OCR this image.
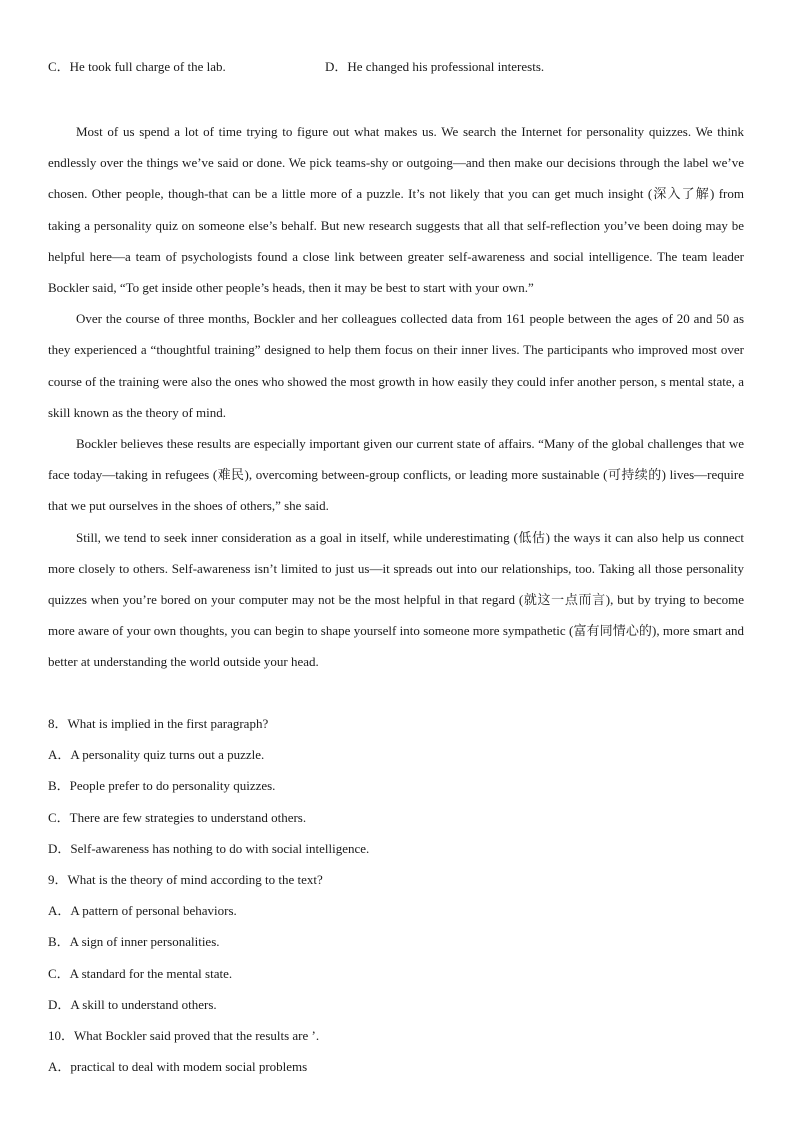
C．He took full charge of the lab.	D．He changed his professional interests.

Most of us spend a lot of time trying to figure out what makes us. We search the Internet for personality quizzes. We think endlessly over the things we’ve said or done. We pick teams-shy or outgoing—and then make our decisions through the label we’ve chosen. Other people, though-that can be a little more of a puzzle. It’s not likely that you can get much insight (深入了解) from taking a personality quiz on someone else’s behalf. But new research suggests that all that self-reflection you’ve been doing may be helpful here—a team of psychologists found a close link between greater self-awareness and social intelligence. The team leader Bockler said, “To get inside other people’s heads, then it may be best to start with your own.”

Over the course of three months, Bockler and her colleagues collected data from 161 people between the ages of 20 and 50 as they experienced a “thoughtful training” designed to help them focus on their inner lives. The participants who improved most over course of the training were also the ones who showed the most growth in how easily they could infer another person, s mental state, a skill known as the theory of mind.

Bockler believes these results are especially important given our current state of affairs. “Many of the global challenges that we face today—taking in refugees (难民), overcoming between-group conflicts, or leading more sustainable (可持续的) lives—require that we put ourselves in the shoes of others,” she said.

Still, we tend to seek inner consideration as a goal in itself, while underestimating (低估) the ways it can also help us connect more closely to others. Self-awareness isn’t limited to just us—it spreads out into our relationships, too. Taking all those personality quizzes when you’re bored on your computer may not be the most helpful in that regard (就这一点而言), but by trying to become more aware of your own thoughts, you can begin to shape yourself into someone more sympathetic (富有同情心的), more smart and better at understanding the world outside your head.

8．What is implied in the first paragraph?
A．A personality quiz turns out a puzzle.
B．People prefer to do personality quizzes.
C．There are few strategies to understand others.
D．Self-awareness has nothing to do with social intelligence.
9．What is the theory of mind according to the text?
A．A pattern of personal behaviors.
B．A sign of inner personalities.
C．A standard for the mental state.
D．A skill to understand others.
10．What Bockler said proved that the results are ’.
A．practical to deal with modem social problems
